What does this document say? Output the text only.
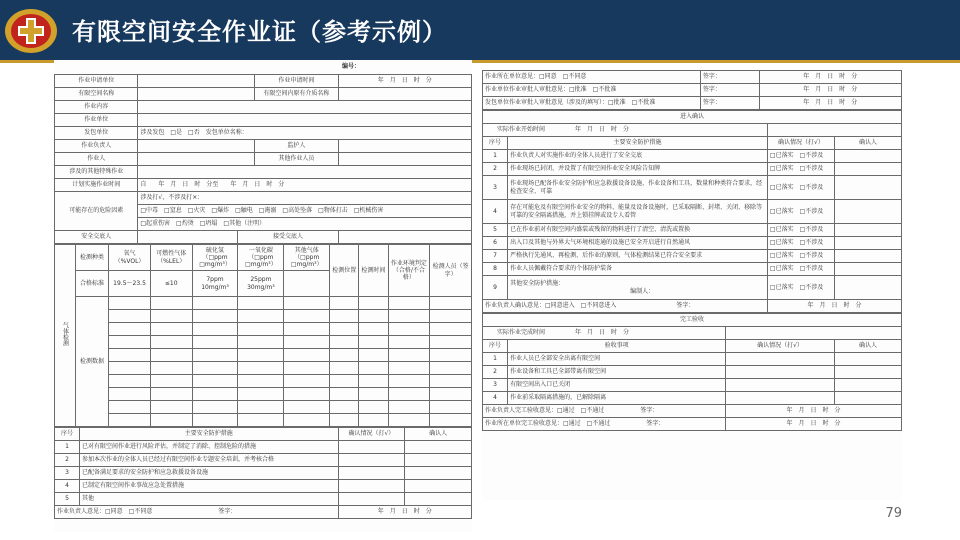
有限空间安全作业证（参考示例）
编号：
作业申请单位			作业申请时间	年　月　日　时　分
有限空间名称			有限空间内原有介质名称	
作业内容				
作业单位				
发包单位	涉及发包　□是　□否　发包单位名称：			
作业负责人			监护人	
作业人			其他作业人员	
涉及的其他特殊作业				
计划实施作业时间	自　　年　月　日　时　分至　　年　月　日　时　分			
可能存在的危险因素	涉及打√，不涉及打×：			
	□中毒　□窒息　□火灾　□爆炸　□触电　□淹溺　□高处坠落　□物体打击　□机械伤害			
	□起重伤害　□灼烫　□坍塌　□其他（注明）			
安全交底人		接受交底人		
气体检测	检测种类	氧气（%VOL）	可燃性气体（%LEL）	硫化氢（□ppm □mg/m³）	一氧化碳（□ppm □mg/m³）	其他气体（□ppm □mg/m³）	检测位置	检测时间	作业环境判定（合格/不合格）	检测人员（签字）
	合格标准	19.5～23.5	≤10	7ppm 10mg/m³	25ppm 30mg/m³					
	检测数据									

序号	主要安全防护措施	确认情况（打√）	确认人
1	已对有限空间作业进行风险评估，并制定了消除、控制危险的措施		
2	参加本次作业的全体人员已经过有限空间作业专题安全培训，并考核合格		
3	已配备满足要求的安全防护和应急救援设备设施		
4	已制定有限空间作业事故应急处置措施		
5	其他		
作业负责人意见：□同意　□不同意　　　　　　　　　　　 签字：		年　月　日　时　分	
作业所在单位意见：□同意　□不同意	签字：	年　月　日　时　分
作业单位作业审批人审批意见：□批准　□不批准	签字：	年　月　日　时　分
发包单位作业审批人审批意见（涉及的填写）：□批准　□不批准	签字：	年　月　日　时　分
进入确认			
　　实际作业开始时间　　　　　 年　月　日　时　分			
序号	主要安全防护措施	确认情况（打√）	确认人
1	作业负责人对实施作业的全体人员进行了安全交底	□已落实　□不涉及	
2	作业现场已封闭，并设置了有限空间作业安全风险告知牌	□已落实　□不涉及	
3	作业现场已配备作业安全防护和应急救援设备设施、作业设备和工具，数量和种类符合要求，经检查安全、可靠	□已落实　□不涉及	
4	存在可能危及有限空间作业安全的物料、能量及设备设施时，已采取隔断、封堵、关闭、移除等可靠的安全隔离措施，并上锁挂牌或设专人看管	□已落实　□不涉及	
5	已在作业前对有限空间内盛装或残留的物料进行了清空、清洗或置换	□已落实　□不涉及	
6	出入口及其他与外界大气环境相连通的设施已安全开启进行自然通风	□已落实　□不涉及	
7	严格执行先通风、再检测、后作业的原则，气体检测结果已符合安全要求	□已落实　□不涉及	
8	作业人员佩戴符合要求的个体防护装备	□已落实　□不涉及	
9	其他安全防护措施：
　　　　　　　　　　　　　　　　　　　　编制人：	□已落实　□不涉及	
作业负责人确认意见：□同意进入　□不同意进入　　　　　　　　　　 签字：		年　月　日　时　分	
完工验收			
　　实际作业完成时间　　　　　 年　月　日　时　分			
序号	验收事项	确认情况（打√）	确认人
1	作业人员已全部安全出离有限空间		
2	作业设备和工具已全部带离有限空间		
3	有限空间出入口已关闭		
4	作业前采取隔离措施的，已解除隔离		
作业负责人完工验收意见：□通过　□不通过　　　　　　 签字：		年　月　日　时　分	
作业所在单位完工验收意见：□通过　□不通过　　　　　　 签字：		年　月　日　时　分	
79
